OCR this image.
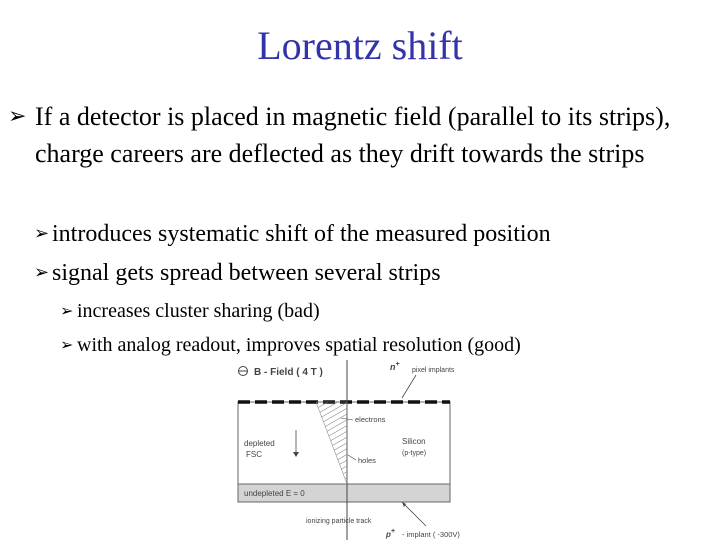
Lorentz shift
➢ If a detector is placed in magnetic field (parallel to its strips), charge careers are deflected as they drift towards the strips
➢ introduces systematic shift of the measured position
➢ signal gets spread between several strips
➢ increases cluster sharing (bad)
➢ with analog readout, improves spatial resolution (good)
B - Field ( 4 T )	n+
pixel implants
electrons
holes
Silicon
(p-type)
depleted
FSC
undepleted E = 0
ionizing particle track
p+ - implant ( -300V)
